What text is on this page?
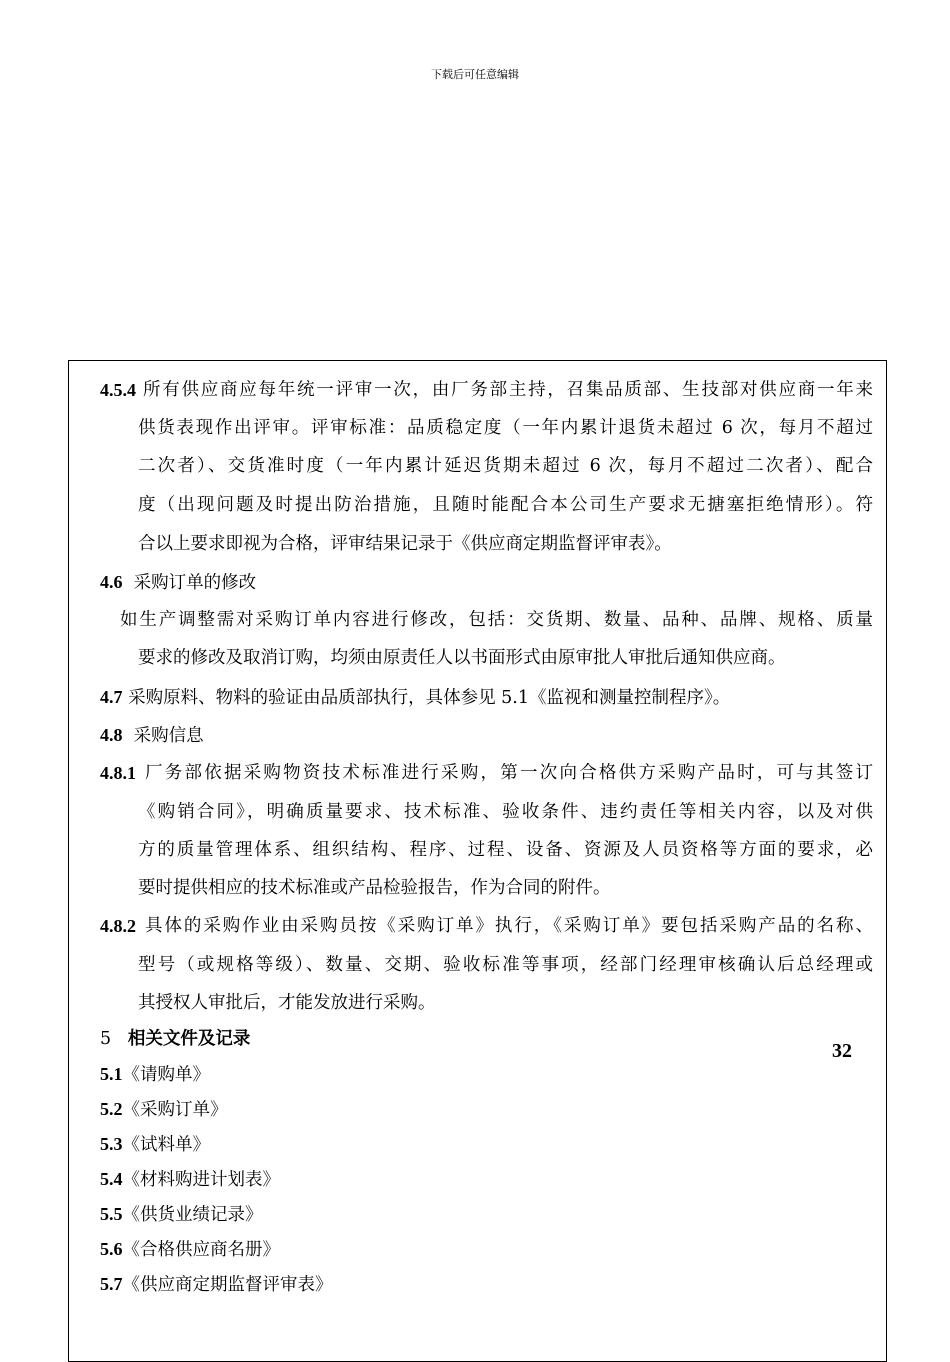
下载后可任意编辑
4.5.4 所有供应商应每年统一评审一次，由厂务部主持，召集品质部、生技部对供应商一年来
供货表现作出评审。评审标准：品质稳定度（一年内累计退货未超过 6 次，每月不超过
二次者）、交货准时度（一年内累计延迟货期未超过 6 次，每月不超过二次者）、配合
度（出现问题及时提出防治措施，且随时能配合本公司生产要求无搪塞拒绝情形）。符
合以上要求即视为合格，评审结果记录于《供应商定期监督评审表》。
4.6 采购订单的修改
如生产调整需对采购订单内容进行修改，包括：交货期、数量、品种、品牌、规格、质量
要求的修改及取消订购，均须由原责任人以书面形式由原审批人审批后通知供应商。
4.7 采购原料、物料的验证由品质部执行，具体参见 5.1《监视和测量控制程序》。
4.8 采购信息
4.8.1 厂务部依据采购物资技术标准进行采购，第一次向合格供方采购产品时，可与其签订
《购销合同》，明确质量要求、技术标准、验收条件、违约责任等相关内容，以及对供
方的质量管理体系、组织结构、程序、过程、设备、资源及人员资格等方面的要求，必
要时提供相应的技术标准或产品检验报告，作为合同的附件。
4.8.2 具体的采购作业由采购员按《采购订单》执行，《采购订单》要包括采购产品的名称、
型号（或规格等级）、数量、交期、验收标准等事项，经部门经理审核确认后总经理或
其授权人审批后，才能发放进行采购。
5 相关文件及记录
32
5.1《请购单》
5.2《采购订单》
5.3《试料单》
5.4《材料购进计划表》
5.5《供货业绩记录》
5.6《合格供应商名册》
5.7《供应商定期监督评审表》
